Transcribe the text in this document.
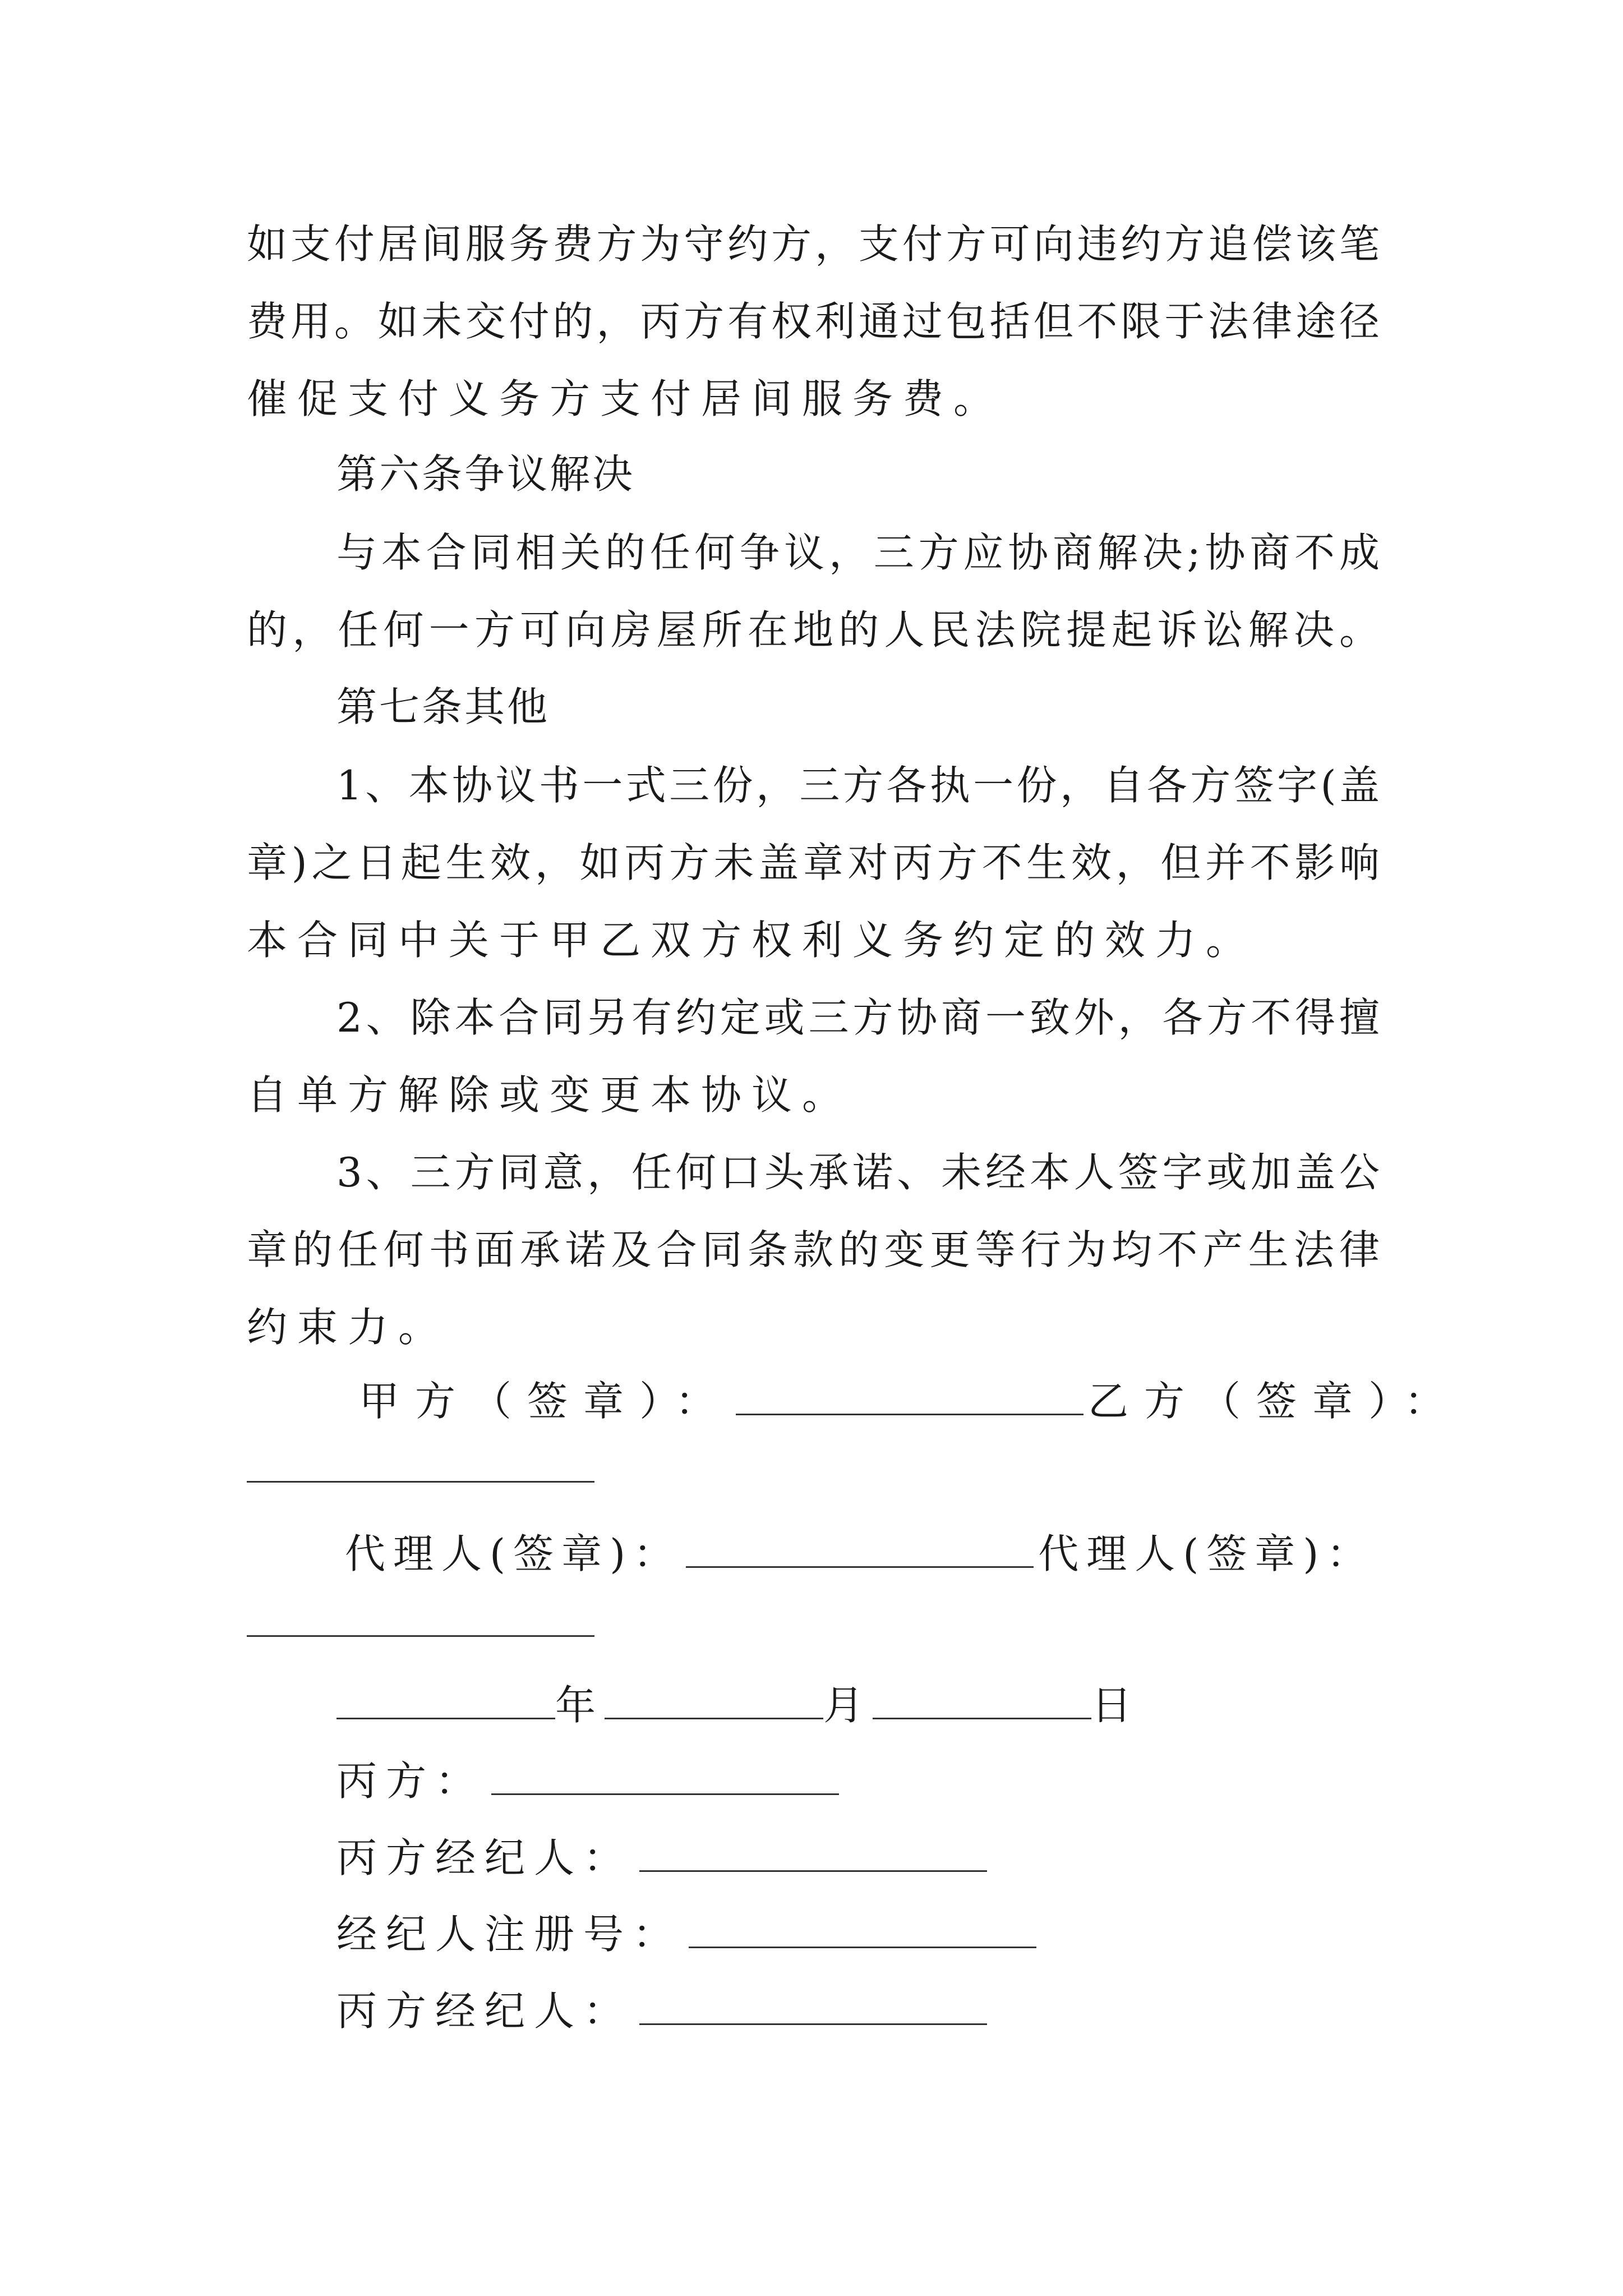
如支付居间服务费方为守约方，支付方可向违约方追偿该笔
费用。如未交付的，丙方有权利通过包括但不限于法律途径
催促支付义务方支付居间服务费。
第六条争议解决
与本合同相关的任何争议，三方应协商解决;协商不成
的，任何一方可向房屋所在地的人民法院提起诉讼解决。
第七条其他
1、本协议书一式三份，三方各执一份，自各方签字(盖
章)之日起生效，如丙方未盖章对丙方不生效，但并不影响
本合同中关于甲乙双方权利义务约定的效力。
2、除本合同另有约定或三方协商一致外，各方不得擅
自单方解除或变更本协议。
3、三方同意，任何口头承诺、未经本人签字或加盖公
章的任何书面承诺及合同条款的变更等行为均不产生法律
约束力。
甲方（签章）：	乙方（签章）：
代理人(签章)：	代理人(签章)：
年	月	日
丙方：
丙方经纪人：
经纪人注册号：
丙方经纪人：
